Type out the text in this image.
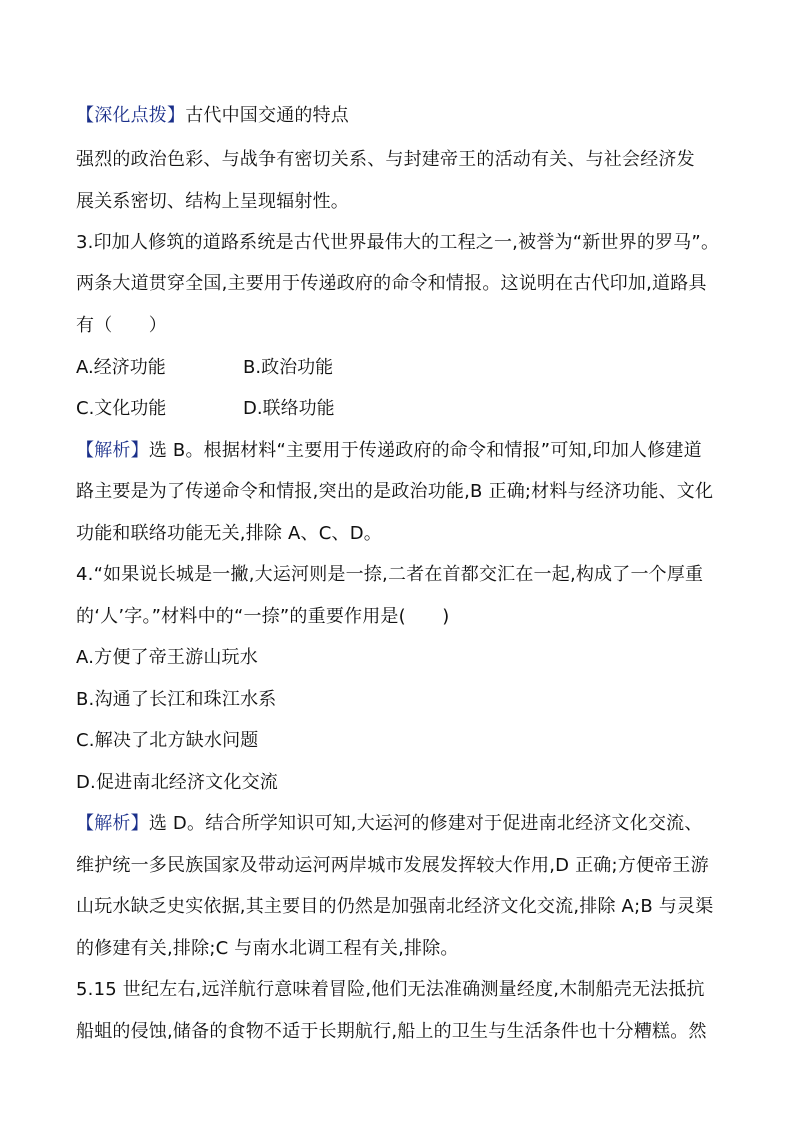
【深化点拨】古代中国交通的特点
强烈的政治色彩、与战争有密切关系、与封建帝王的活动有关、与社会经济发
展关系密切、结构上呈现辐射性。
3.印加人修筑的道路系统是古代世界最伟大的工程之一,被誉为“新世界的罗马”。
两条大道贯穿全国,主要用于传递政府的命令和情报。这说明在古代印加,道路具
有（　　）
A.经济功能	B.政治功能
C.文化功能	D.联络功能
【解析】选 B。根据材料“主要用于传递政府的命令和情报”可知,印加人修建道
路主要是为了传递命令和情报,突出的是政治功能,B 正确;材料与经济功能、文化
功能和联络功能无关,排除 A、C、D。
4.“如果说长城是一撇,大运河则是一捺,二者在首都交汇在一起,构成了一个厚重
的‘人’字。”材料中的“一捺”的重要作用是(　　)
A.方便了帝王游山玩水
B.沟通了长江和珠江水系
C.解决了北方缺水问题
D.促进南北经济文化交流
【解析】选 D。结合所学知识可知,大运河的修建对于促进南北经济文化交流、
维护统一多民族国家及带动运河两岸城市发展发挥较大作用,D 正确;方便帝王游
山玩水缺乏史实依据,其主要目的仍然是加强南北经济文化交流,排除 A;B 与灵渠
的修建有关,排除;C 与南水北调工程有关,排除。
5.15 世纪左右,远洋航行意味着冒险,他们无法准确测量经度,木制船壳无法抵抗
船蛆的侵蚀,储备的食物不适于长期航行,船上的卫生与生活条件也十分糟糕。然
